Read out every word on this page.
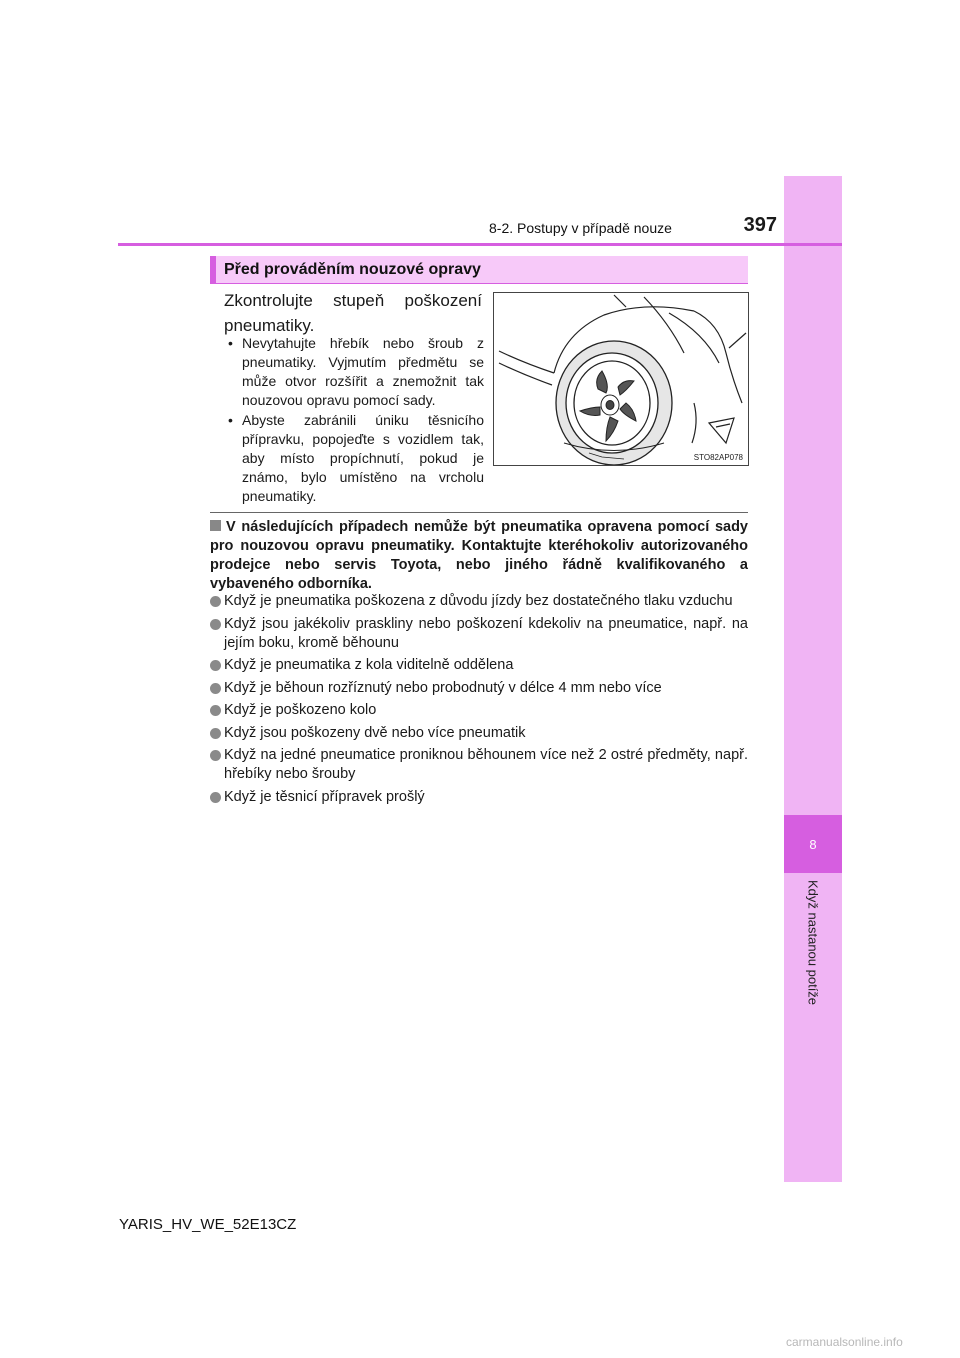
8
Když nastanou potíže
8-2. Postupy v případě nouze	397
Před prováděním nouzové opravy
Zkontrolujte stupeň poškození pneumatiky.
• Nevytahujte hřebík nebo šroub z pneumatiky. Vyjmutím předmětu se může otvor rozšířit a znemožnit tak nouzovou opravu pomocí sady.
• Abyste zabránili úniku těsnicího přípravku, popojeďte s vozidlem tak, aby místo propíchnutí, pokud je známo, bylo umístěno na vrcholu pneumatiky.
STO82AP078
V následujících případech nemůže být pneumatika opravena pomocí sady pro nouzovou opravu pneumatiky. Kontaktujte kteréhokoliv autorizovaného prodejce nebo servis Toyota, nebo jiného řádně kvalifikovaného a vybaveného odborníka.
Když je pneumatika poškozena z důvodu jízdy bez dostatečného tlaku vzduchu
Když jsou jakékoliv praskliny nebo poškození kdekoliv na pneumatice, např. na jejím boku, kromě běhounu
Když je pneumatika z kola viditelně oddělena
Když je běhoun rozříznutý nebo probodnutý v délce 4 mm nebo více
Když je poškozeno kolo
Když jsou poškozeny dvě nebo více pneumatik
Když na jedné pneumatice proniknou běhounem více než 2 ostré předměty, např. hřebíky nebo šrouby
Když je těsnicí přípravek prošlý
YARIS_HV_WE_52E13CZ
carmanualsonline.info
